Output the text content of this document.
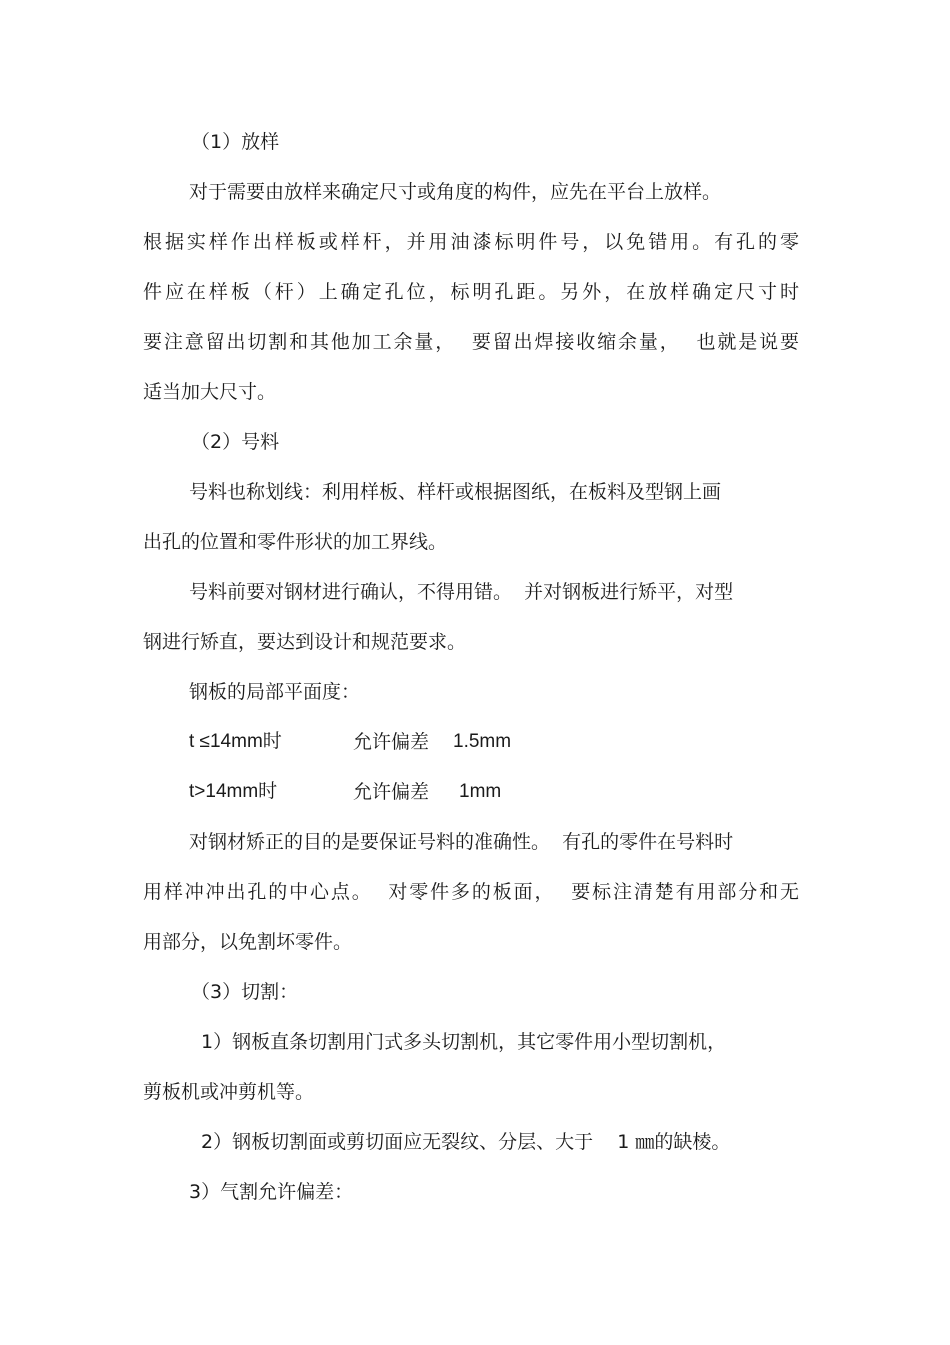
（1）放样

对于需要由放样来确定尺寸或角度的构件，应先在平台上放样。

根据实样作出样板或样杆，并用油漆标明件号，以免错用。有孔的零

件应在样板（杆）上确定孔位，标明孔距。另外，在放样确定尺寸时

要注意留出切割和其他加工余量，  要留出焊接收缩余量，  也就是说要

适当加大尺寸。

（2）号料

号料也称划线：利用样板、样杆或根据图纸，在板料及型钢上画

出孔的位置和零件形状的加工界线。

号料前要对钢材进行确认，不得用错。  并对钢板进行矫平，对型

钢进行矫直，要达到设计和规范要求。

钢板的局部平面度：

t ≤14mm时	允许偏差 1.5mm

t>14mm时	允许偏差 1mm

对钢材矫正的目的是要保证号料的准确性。  有孔的零件在号料时

用样冲冲出孔的中心点。  对零件多的板面，  要标注清楚有用部分和无

用部分，以免割坏零件。

（3）切割：

1）钢板直条切割用门式多头切割机，其它零件用小型切割机，

剪板机或冲剪机等。

2）钢板切割面或剪切面应无裂纹、分层、大于    1 ㎜的缺棱。

3）气割允许偏差：
